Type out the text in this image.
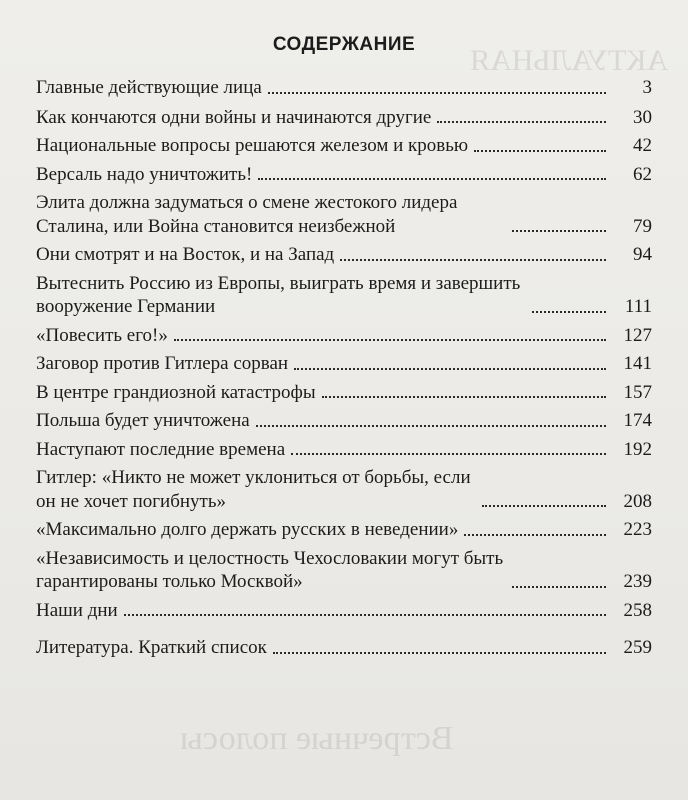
АКТУАЛЬНАЯ
Встречные полосы
СОДЕРЖАНИЕ
Главные действующие лица	3
Как кончаются одни войны и начинаются другие	30
Национальные вопросы решаются железом и кровью	42
Версаль надо уничтожить!	62
Элита должна задуматься о смене жестокого лидера Сталина, или Война становится неизбежной	79
Они смотрят и на Восток, и на Запад	94
Вытеснить Россию из Европы, выиграть время и завершить вооружение Германии	111
«Повесить его!»	127
Заговор против Гитлера сорван	141
В центре грандиозной катастрофы	157
Польша будет уничтожена	174
Наступают последние времена	192
Гитлер: «Никто не может уклониться от борьбы, если он не хочет погибнуть»	208
«Максимально долго держать русских в неведении»	223
«Независимость и целостность Чехословакии могут быть гарантированы только Москвой»	239
Наши дни	258
Литература. Краткий список	259
